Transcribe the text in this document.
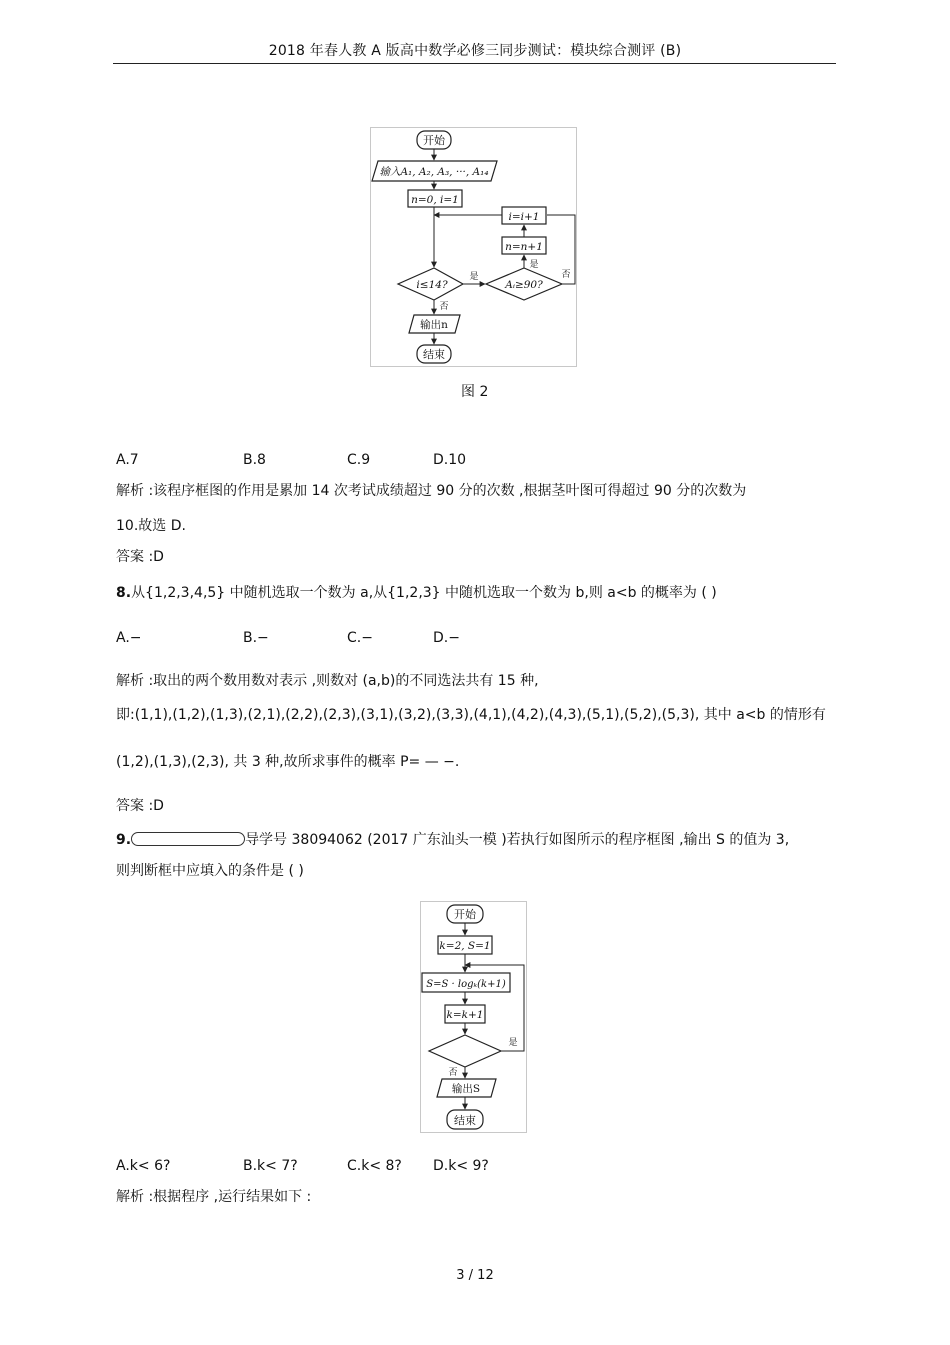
2018 年春人教 A 版高中数学必修三同步测试：模块综合测评 (B)
开始
输入A₁, A₂, A₃, ···, A₁₄
n=0, i=1
i=i+1
n=n+1
i≤14?	Aᵢ≥90?
是
是
否
否
输出n
结束
图 2
A.7	B.8	C.9	D.10
解析 :该程序框图的作用是累加 14 次考试成绩超过 90 分的次数 ,根据茎叶图可得超过 90 分的次数为
10.故选 D.
答案 :D
8.从{1,2,3,4,5} 中随机选取一个数为 a,从{1,2,3} 中随机选取一个数为 b,则 a<b 的概率为 ( )
A.−	B.−	C.−	D.−
解析 :取出的两个数用数对表示 ,则数对 (a,b)的不同选法共有 15 种,
即:(1,1),(1,2),(1,3),(2,1),(2,2),(2,3),(3,1),(3,2),(3,3),(4,1),(4,2),(4,3),(5,1),(5,2),(5,3), 其中 a<b 的情形有
(1,2),(1,3),(2,3), 共 3 种,故所求事件的概率 P= — −.
答案 :D
9.	导学号 38094062 (2017 广东汕头一模 )若执行如图所示的程序框图 ,输出 S 的值为 3,
则判断框中应填入的条件是 ( )
开始
k=2, S=1
S=S · logₖ(k+1)
k=k+1
是
否
输出S
结束
A.k< 6?	B.k< 7?	C.k< 8? D.k< 9?
解析 :根据程序 ,运行结果如下 :
3 / 12
